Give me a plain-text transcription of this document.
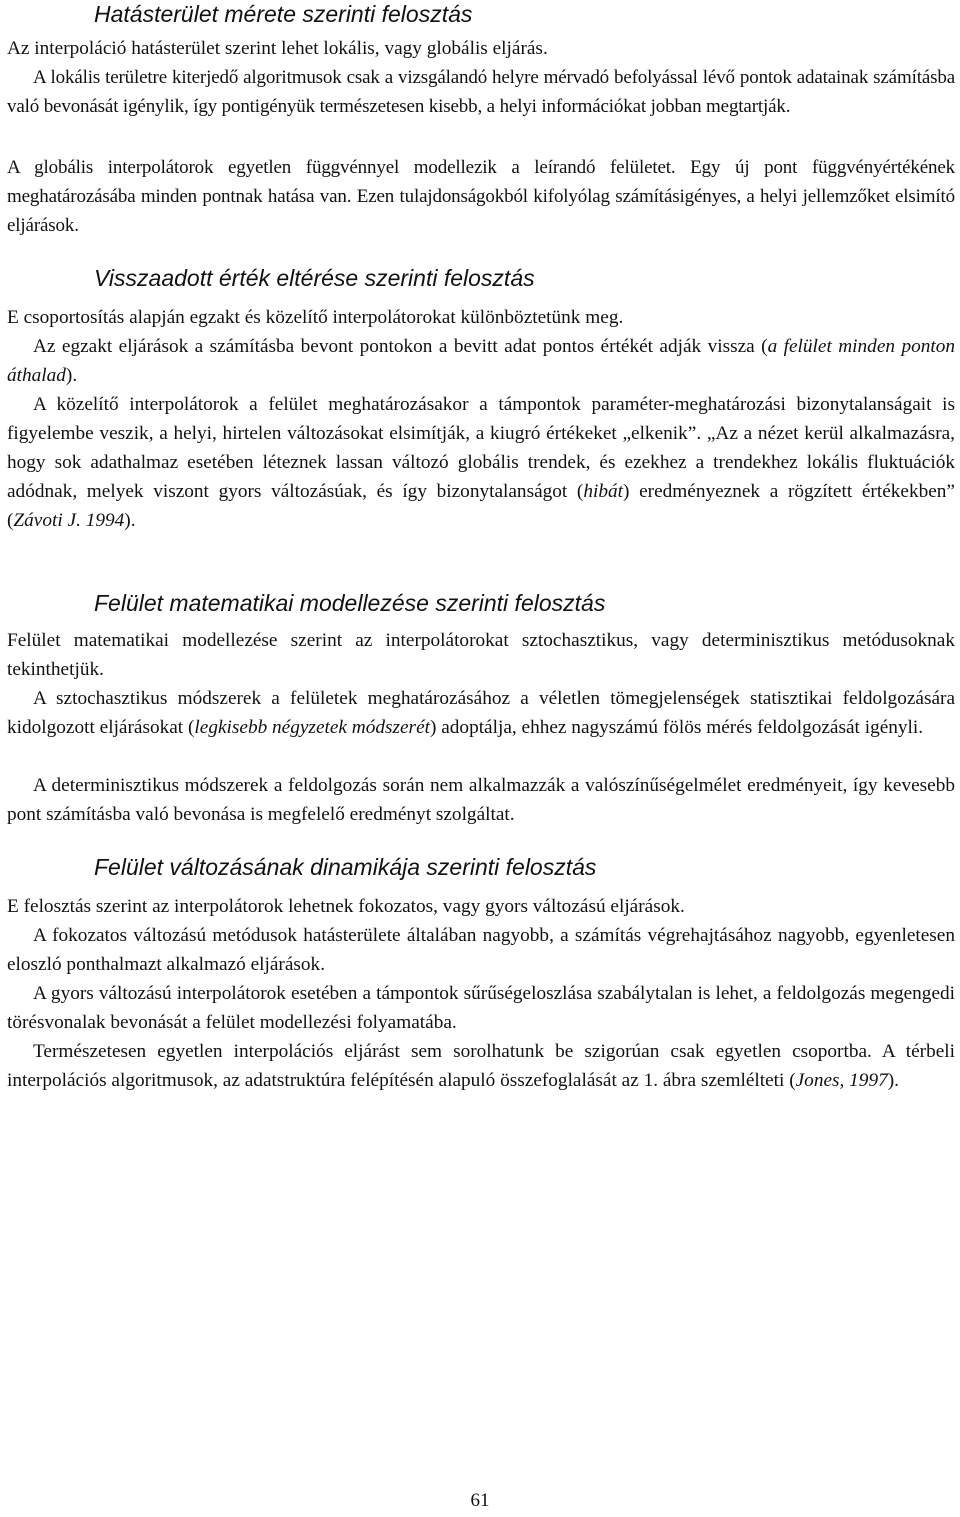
Hatásterület mérete szerinti felosztás

Az interpoláció hatásterület szerint lehet lokális, vagy globális eljárás.

A lokális területre kiterjedő algoritmusok csak a vizsgálandó helyre mérvadó befolyással lévő pontok adatainak számításba való bevonását igénylik, így pontigényük természetesen kisebb, a helyi információkat jobban megtartják.

A globális interpolátorok egyetlen függvénnyel modellezik a leírandó felületet. Egy új pont függvényértékének meghatározásába minden pontnak hatása van. Ezen tulajdonságokból kifolyólag számításigényes, a helyi jellemzőket elsimító eljárások.

Visszaadott érték eltérése szerinti felosztás

E csoportosítás alapján egzakt és közelítő interpolátorokat különböztetünk meg.

Az egzakt eljárások a számításba bevont pontokon a bevitt adat pontos értékét adják vissza (a felület minden ponton áthalad).

A közelítő interpolátorok a felület meghatározásakor a támpontok paraméter-meghatározási bizonytalanságait is figyelembe veszik, a helyi, hirtelen változásokat elsimítják, a kiugró értékeket „elkenik”. „Az a nézet kerül alkalmazásra, hogy sok adathalmaz esetében léteznek lassan változó globális trendek, és ezekhez a trendekhez lokális fluktuációk adódnak, melyek viszont gyors változásúak, és így bizonytalanságot (hibát) eredményeznek a rögzített értékekben” (Závoti J. 1994).

Felület matematikai modellezése szerinti felosztás

Felület matematikai modellezése szerint az interpolátorokat sztochasztikus, vagy determinisztikus metódusoknak tekinthetjük.

A sztochasztikus módszerek a felületek meghatározásához a véletlen tömegjelenségek statisztikai feldolgozására kidolgozott eljárásokat (legkisebb négyzetek módszerét) adoptálja, ehhez nagyszámú fölös mérés feldolgozását igényli.

A determinisztikus módszerek a feldolgozás során nem alkalmazzák a valószínűségelmélet eredményeit, így kevesebb pont számításba való bevonása is megfelelő eredményt szolgáltat.

Felület változásának dinamikája szerinti felosztás

E felosztás szerint az interpolátorok lehetnek fokozatos, vagy gyors változású eljárások.

A fokozatos változású metódusok hatásterülete általában nagyobb, a számítás végrehajtásához nagyobb, egyenletesen eloszló ponthalmazt alkalmazó eljárások.

A gyors változású interpolátorok esetében a támpontok sűrűségeloszlása szabálytalan is lehet, a feldolgozás megengedi törésvonalak bevonását a felület modellezési folyamatába.

Természetesen egyetlen interpolációs eljárást sem sorolhatunk be szigorúan csak egyetlen csoportba. A térbeli interpolációs algoritmusok, az adatstruktúra felépítésén alapuló összefoglalását az 1. ábra szemlélteti (Jones, 1997).

61
